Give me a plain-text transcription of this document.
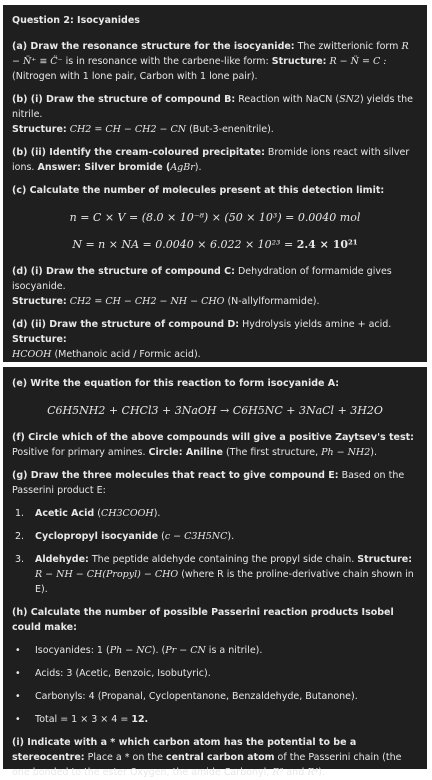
Question 2: Isocyanides
(a) Draw the resonance structure for the isocyanide: The zwitterionic form R − N̈⁺ ≡ C̈⁻ is in resonance with the carbene-like form: Structure: R − N̈ = C : (Nitrogen with 1 lone pair, Carbon with 1 lone pair).
(b) (i) Draw the structure of compound B: Reaction with NaCN (SN2) yields the nitrile.
Structure: CH2 = CH − CH2 − CN (But-3-enenitrile).
(b) (ii) Identify the cream-coloured precipitate: Bromide ions react with silver ions. Answer: Silver bromide (AgBr).
(c) Calculate the number of molecules present at this detection limit:
n = C × V = (8.0 × 10⁻⁸) × (50 × 10³) = 0.0040 mol
N = n × NA = 0.0040 × 6.022 × 10²³ = 2.4 × 10²¹
(d) (i) Draw the structure of compound C: Dehydration of formamide gives isocyanide.
Structure: CH2 = CH − CH2 − NH − CHO (N-allylformamide).
(d) (ii) Draw the structure of compound D: Hydrolysis yields amine + acid. Structure:
HCOOH (Methanoic acid / Formic acid).
(e) Write the equation for this reaction to form isocyanide A:
C6H5NH2 + CHCl3 + 3NaOH → C6H5NC + 3NaCl + 3H2O
(f) Circle which of the above compounds will give a positive Zaytsev's test: Positive for primary amines. Circle: Aniline (The first structure, Ph − NH2).
(g) Draw the three molecules that react to give compound E: Based on the Passerini product E:
1.	Acetic Acid (CH3COOH).
2.	Cyclopropyl isocyanide (c − C3H5NC).
3.	Aldehyde: The peptide aldehyde containing the propyl side chain. Structure: R − NH − CH(Propyl) − CHO (where R is the proline-derivative chain shown in E).
(h) Calculate the number of possible Passerini reaction products Isobel could make:
•	Isocyanides: 1 (Ph − NC). (Pr − CN is a nitrile).
•	Acids: 3 (Acetic, Benzoic, Isobutyric).
•	Carbonyls: 4 (Propanal, Cyclopentanone, Benzaldehyde, Butanone).
•	Total = 1 × 3 × 4 = 12.
(i) Indicate with a * which carbon atom has the potential to be a stereocentre: Place a * on the central carbon atom of the Passerini chain (the one bonded to the ester Oxygen, the amide Carbonyl, R³ and R⁴).
